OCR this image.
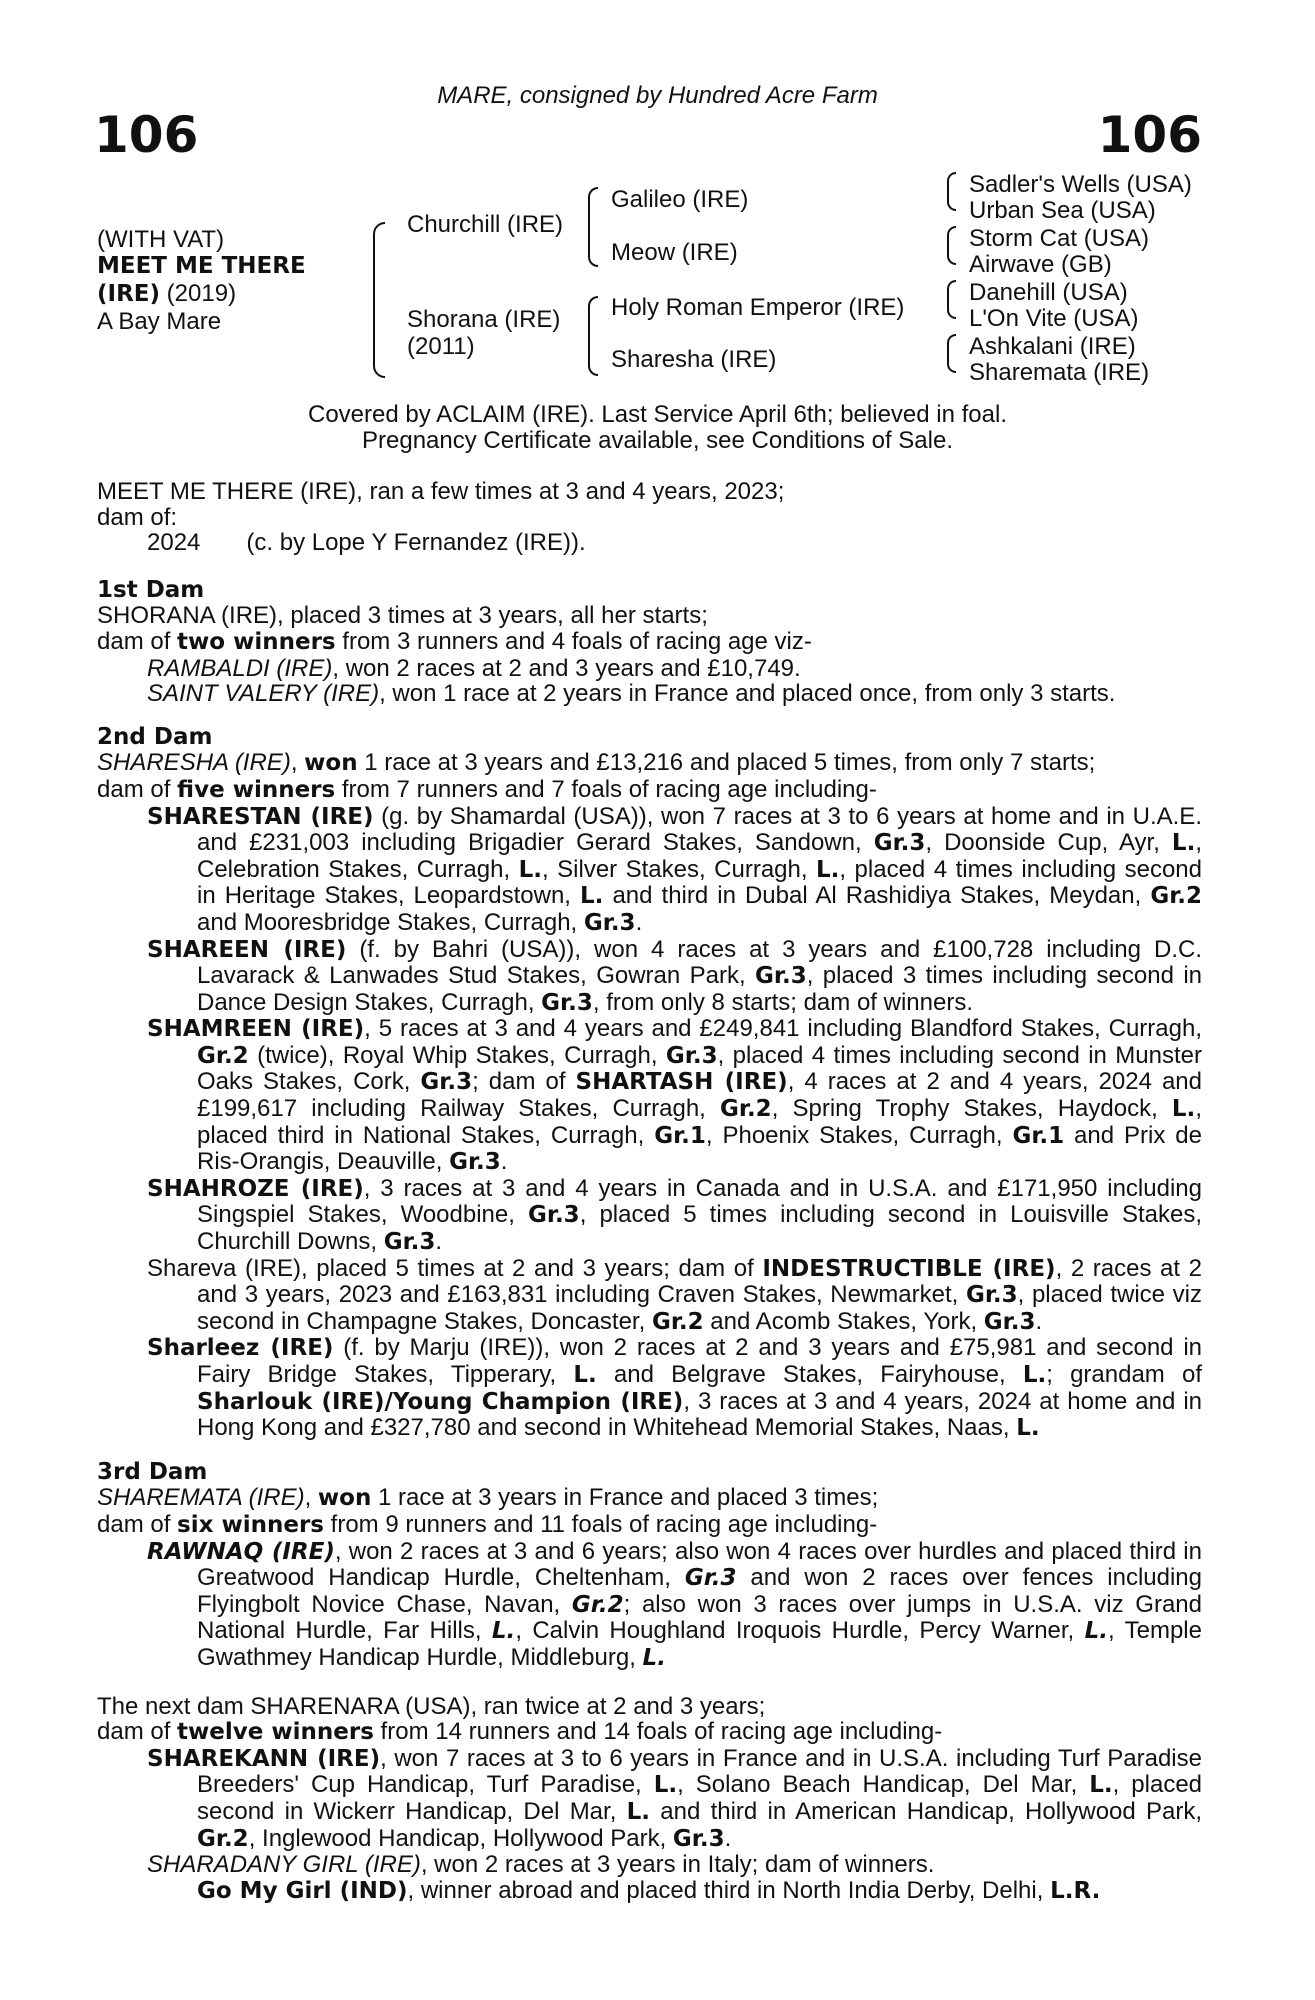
MARE, consigned by Hundred Acre Farm
106	106
(WITH VAT)
MEET ME THERE
(IRE) (2019)
A Bay Mare
Churchill (IRE)
Shorana (IRE)
(2011)
Galileo (IRE)
Meow (IRE)
Holy Roman Emperor (IRE)
Sharesha (IRE)
Sadler's Wells (USA)
Urban Sea (USA)
Storm Cat (USA)
Airwave (GB)
Danehill (USA)
L'On Vite (USA)
Ashkalani (IRE)
Sharemata (IRE)
Covered by ACLAIM (IRE). Last Service April 6th; believed in foal.
Pregnancy Certificate available, see Conditions of Sale.

MEET ME THERE (IRE), ran a few times at 3 and 4 years, 2023;

dam of:

2024 (c. by Lope Y Fernandez (IRE)).

1st Dam

SHORANA (IRE), placed 3 times at 3 years, all her starts;

dam of two winners from 3 runners and 4 foals of racing age viz-

RAMBALDI (IRE), won 2 races at 2 and 3 years and £10,749.

SAINT VALERY (IRE), won 1 race at 2 years in France and placed once, from only 3 starts.

2nd Dam

SHARESHA (IRE), won 1 race at 3 years and £13,216 and placed 5 times, from only 7 starts;

dam of five winners from 7 runners and 7 foals of racing age including-

SHARESTAN (IRE) (g. by Shamardal (USA)), won 7 races at 3 to 6 years at home and in U.A.E. and £231,003 including Brigadier Gerard Stakes, Sandown, Gr.3, Doonside Cup, Ayr, L., Celebration Stakes, Curragh, L., Silver Stakes, Curragh, L., placed 4 times including second in Heritage Stakes, Leopardstown, L. and third in Dubal Al Rashidiya Stakes, Meydan, Gr.2 and Mooresbridge Stakes, Curragh, Gr.3.

SHAREEN (IRE) (f. by Bahri (USA)), won 4 races at 3 years and £100,728 including D.C. Lavarack & Lanwades Stud Stakes, Gowran Park, Gr.3, placed 3 times including second in Dance Design Stakes, Curragh, Gr.3, from only 8 starts; dam of winners.

SHAMREEN (IRE), 5 races at 3 and 4 years and £249,841 including Blandford Stakes, Curragh, Gr.2 (twice), Royal Whip Stakes, Curragh, Gr.3, placed 4 times including second in Munster Oaks Stakes, Cork, Gr.3; dam of SHARTASH (IRE), 4 races at 2 and 4 years, 2024 and £199,617 including Railway Stakes, Curragh, Gr.2, Spring Trophy Stakes, Haydock, L., placed third in National Stakes, Curragh, Gr.1, Phoenix Stakes, Curragh, Gr.1 and Prix de Ris-Orangis, Deauville, Gr.3.

SHAHROZE (IRE), 3 races at 3 and 4 years in Canada and in U.S.A. and £171,950 including Singspiel Stakes, Woodbine, Gr.3, placed 5 times including second in Louisville Stakes, Churchill Downs, Gr.3.

Shareva (IRE), placed 5 times at 2 and 3 years; dam of INDESTRUCTIBLE (IRE), 2 races at 2 and 3 years, 2023 and £163,831 including Craven Stakes, Newmarket, Gr.3, placed twice viz second in Champagne Stakes, Doncaster, Gr.2 and Acomb Stakes, York, Gr.3.

Sharleez (IRE) (f. by Marju (IRE)), won 2 races at 2 and 3 years and £75,981 and second in Fairy Bridge Stakes, Tipperary, L. and Belgrave Stakes, Fairyhouse, L.; grandam of Sharlouk (IRE)/Young Champion (IRE), 3 races at 3 and 4 years, 2024 at home and in Hong Kong and £327,780 and second in Whitehead Memorial Stakes, Naas, L.

3rd Dam

SHAREMATA (IRE), won 1 race at 3 years in France and placed 3 times;

dam of six winners from 9 runners and 11 foals of racing age including-

RAWNAQ (IRE), won 2 races at 3 and 6 years; also won 4 races over hurdles and placed third in Greatwood Handicap Hurdle, Cheltenham, Gr.3 and won 2 races over fences including Flyingbolt Novice Chase, Navan, Gr.2; also won 3 races over jumps in U.S.A. viz Grand National Hurdle, Far Hills, L., Calvin Houghland Iroquois Hurdle, Percy Warner, L., Temple Gwathmey Handicap Hurdle, Middleburg, L.

The next dam SHARENARA (USA), ran twice at 2 and 3 years;

dam of twelve winners from 14 runners and 14 foals of racing age including-

SHAREKANN (IRE), won 7 races at 3 to 6 years in France and in U.S.A. including Turf Paradise Breeders' Cup Handicap, Turf Paradise, L., Solano Beach Handicap, Del Mar, L., placed second in Wickerr Handicap, Del Mar, L. and third in American Handicap, Hollywood Park, Gr.2, Inglewood Handicap, Hollywood Park, Gr.3.

SHARADANY GIRL (IRE), won 2 races at 3 years in Italy; dam of winners.

Go My Girl (IND), winner abroad and placed third in North India Derby, Delhi, L.R.
